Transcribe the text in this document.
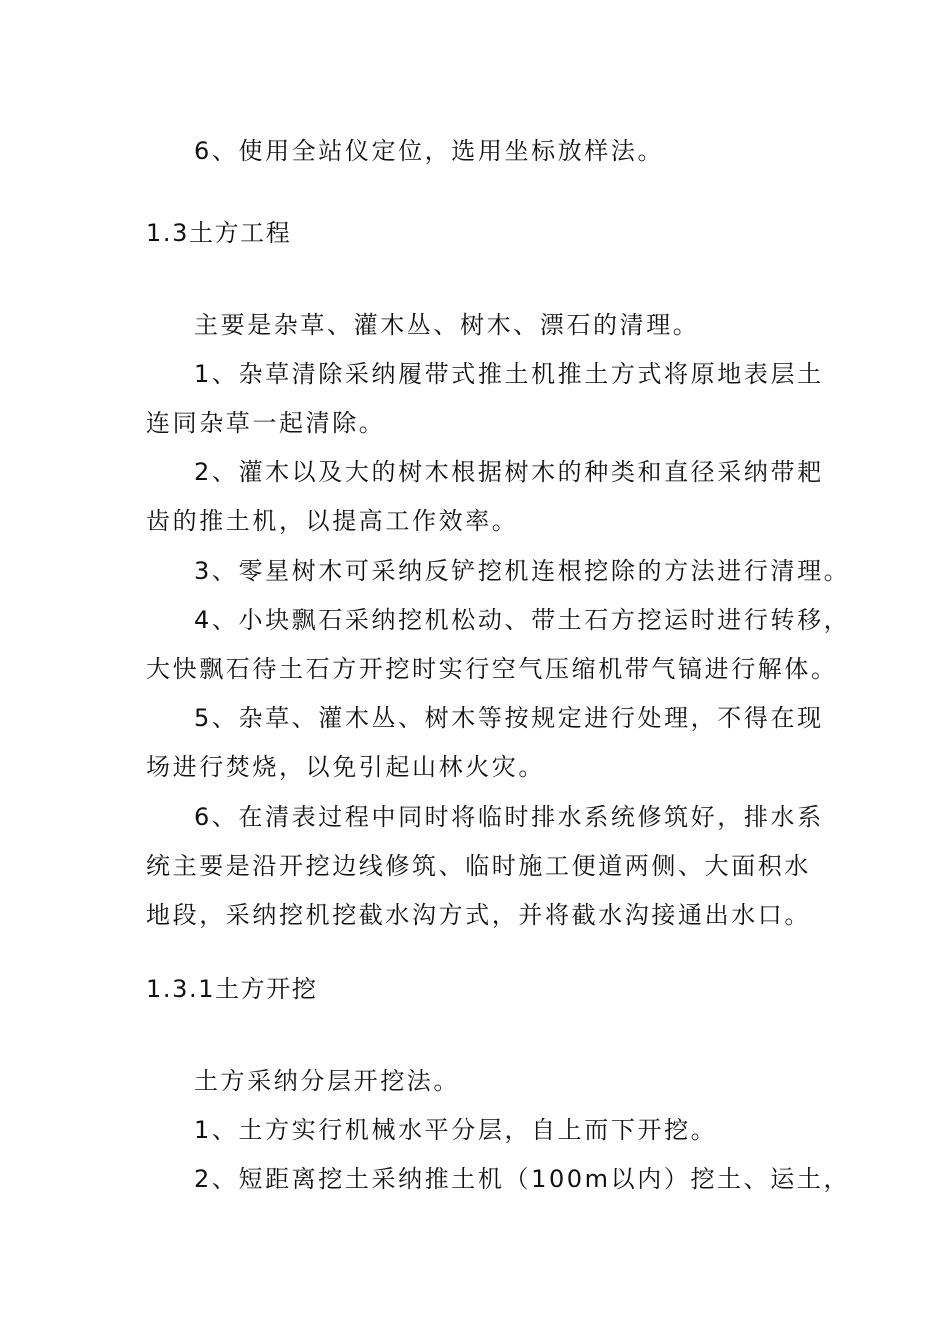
6、使用全站仪定位，选用坐标放样法。
1.3土方工程
主要是杂草、灌木丛、树木、漂石的清理。
1、杂草清除采纳履带式推土机推土方式将原地表层土
连同杂草一起清除。
2、灌木以及大的树木根据树木的种类和直径采纳带耙
齿的推土机，以提高工作效率。
3、零星树木可采纳反铲挖机连根挖除的方法进行清理。
4、小块飘石采纳挖机松动、带土石方挖运时进行转移，
大快飘石待土石方开挖时实行空气压缩机带气镐进行解体。
5、杂草、灌木丛、树木等按规定进行处理，不得在现
场进行焚烧，以免引起山林火灾。
6、在清表过程中同时将临时排水系统修筑好，排水系
统主要是沿开挖边线修筑、临时施工便道两侧、大面积水
地段，采纳挖机挖截水沟方式，并将截水沟接通出水口。
1.3.1土方开挖
土方采纳分层开挖法。
1、土方实行机械水平分层，自上而下开挖。
2、短距离挖土采纳推土机（100m以内）挖土、运土，
